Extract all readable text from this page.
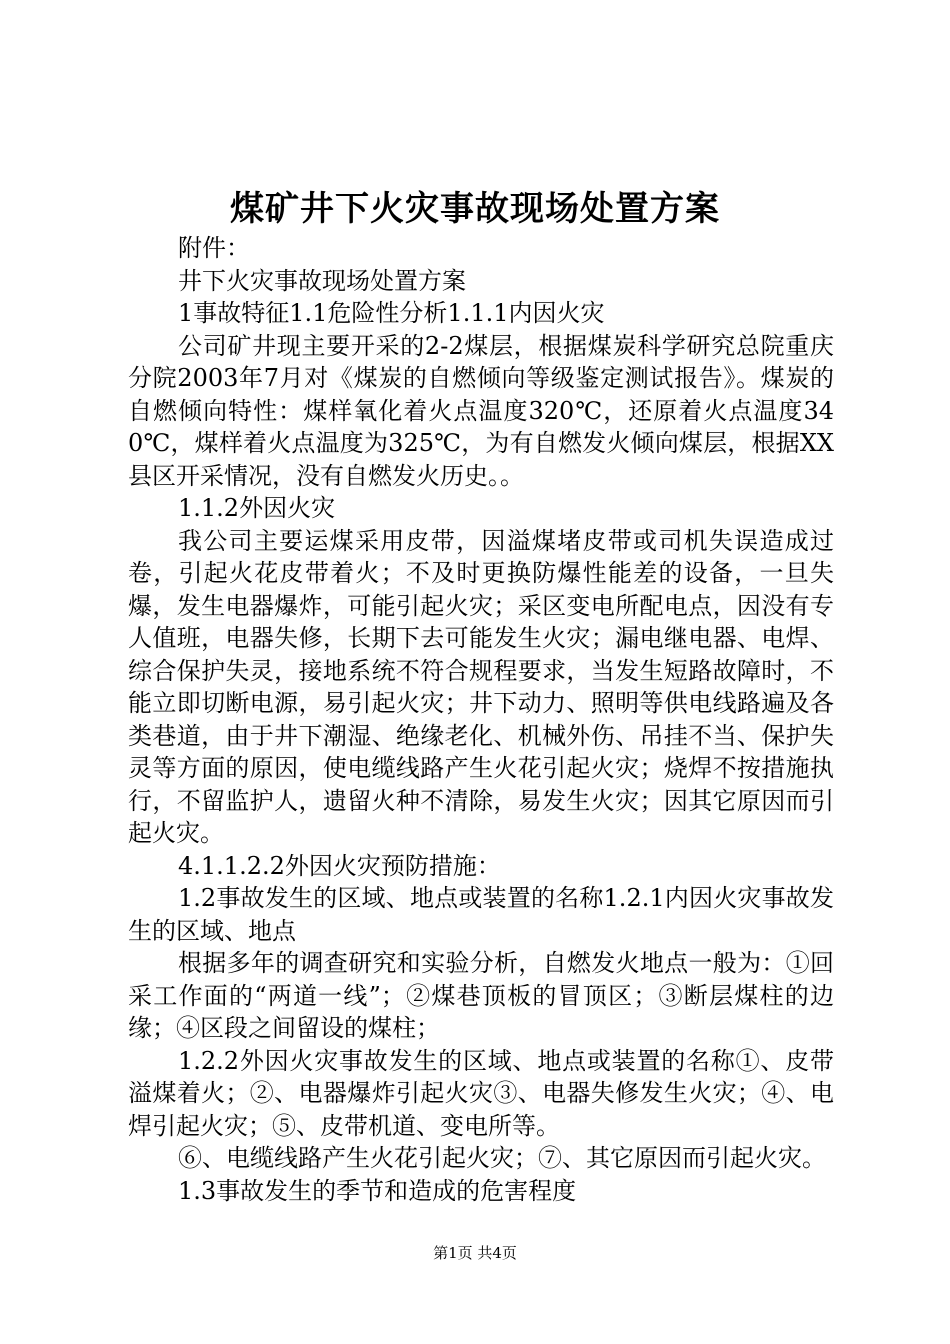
煤矿井下火灾事故现场处置方案

附件：

井下火灾事故现场处置方案

1事故特征1.1危险性分析1.1.1内因火灾

公司矿井现主要开采的2-2煤层，根据煤炭科学研究总院重庆分院2003年7月对《煤炭的自燃倾向等级鉴定测试报告》。煤炭的自燃倾向特性：煤样氧化着火点温度320℃，还原着火点温度340℃，煤样着火点温度为325℃，为有自燃发火倾向煤层，根据XX县区开采情况，没有自燃发火历史。。

1.1.2外因火灾

我公司主要运煤采用皮带，因溢煤堵皮带或司机失误造成过卷，引起火花皮带着火；不及时更换防爆性能差的设备，一旦失爆，发生电器爆炸，可能引起火灾；采区变电所配电点，因没有专人值班，电器失修，长期下去可能发生火灾；漏电继电器、电焊、综合保护失灵，接地系统不符合规程要求，当发生短路故障时，不能立即切断电源，易引起火灾；井下动力、照明等供电线路遍及各类巷道，由于井下潮湿、绝缘老化、机械外伤、吊挂不当、保护失灵等方面的原因，使电缆线路产生火花引起火灾；烧焊不按措施执行，不留监护人，遗留火种不清除，易发生火灾；因其它原因而引起火灾。

4.1.1.2.2外因火灾预防措施：

1.2事故发生的区域、地点或装置的名称1.2.1内因火灾事故发生的区域、地点

根据多年的调查研究和实验分析，自燃发火地点一般为：①回采工作面的“两道一线”；②煤巷顶板的冒顶区；③断层煤柱的边缘；④区段之间留设的煤柱；

1.2.2外因火灾事故发生的区域、地点或装置的名称①、皮带溢煤着火；②、电器爆炸引起火灾③、电器失修发生火灾；④、电焊引起火灾；⑤、皮带机道、变电所等。

⑥、电缆线路产生火花引起火灾；⑦、其它原因而引起火灾。

1.3事故发生的季节和造成的危害程度

第1页 共4页
